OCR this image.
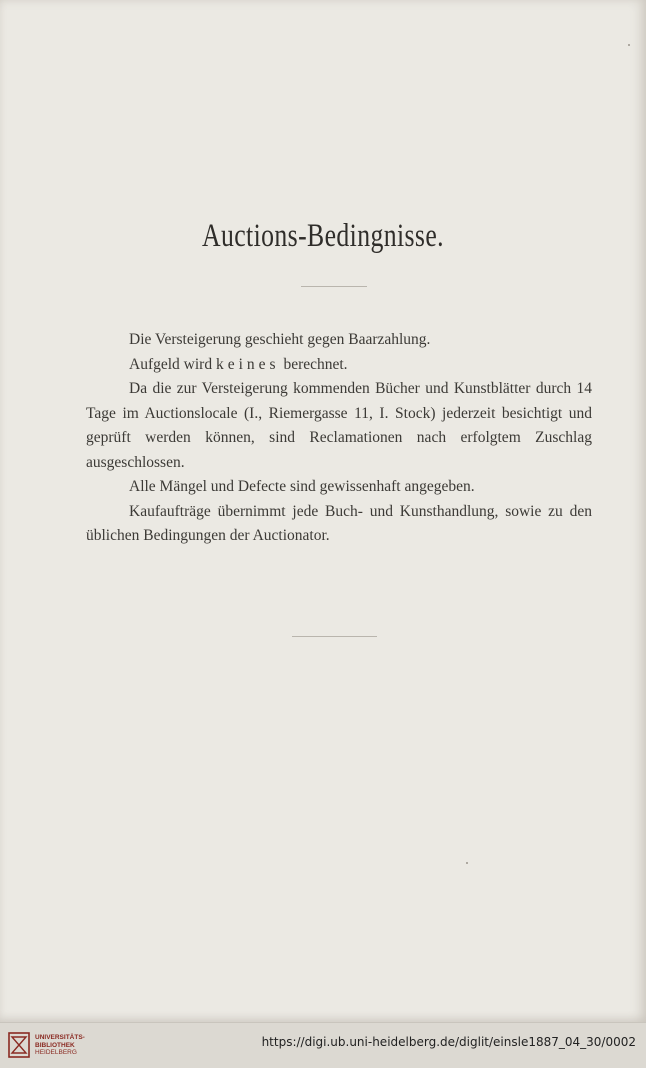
Auctions-Bedingnisse.

Die Versteigerung geschieht gegen Baarzahlung.

Aufgeld wird keines berechnet.

Da die zur Versteigerung kommenden Bücher und Kunstblätter durch 14 Tage im Auctionslocale (I., Riemergasse 11, I. Stock) jederzeit besichtigt und geprüft werden können, sind Reclamationen nach erfolgtem Zuschlag ausgeschlossen.

Alle Mängel und Defecte sind gewissenhaft angegeben.

Kaufaufträge übernimmt jede Buch- und Kunsthandlung, sowie zu den üblichen Bedingungen der Auctionator.

UNIVERSITÄTS-
BIBLIOTHEK
HEIDELBERG
https://digi.ub.uni-heidelberg.de/diglit/einsle1887_04_30/0002
